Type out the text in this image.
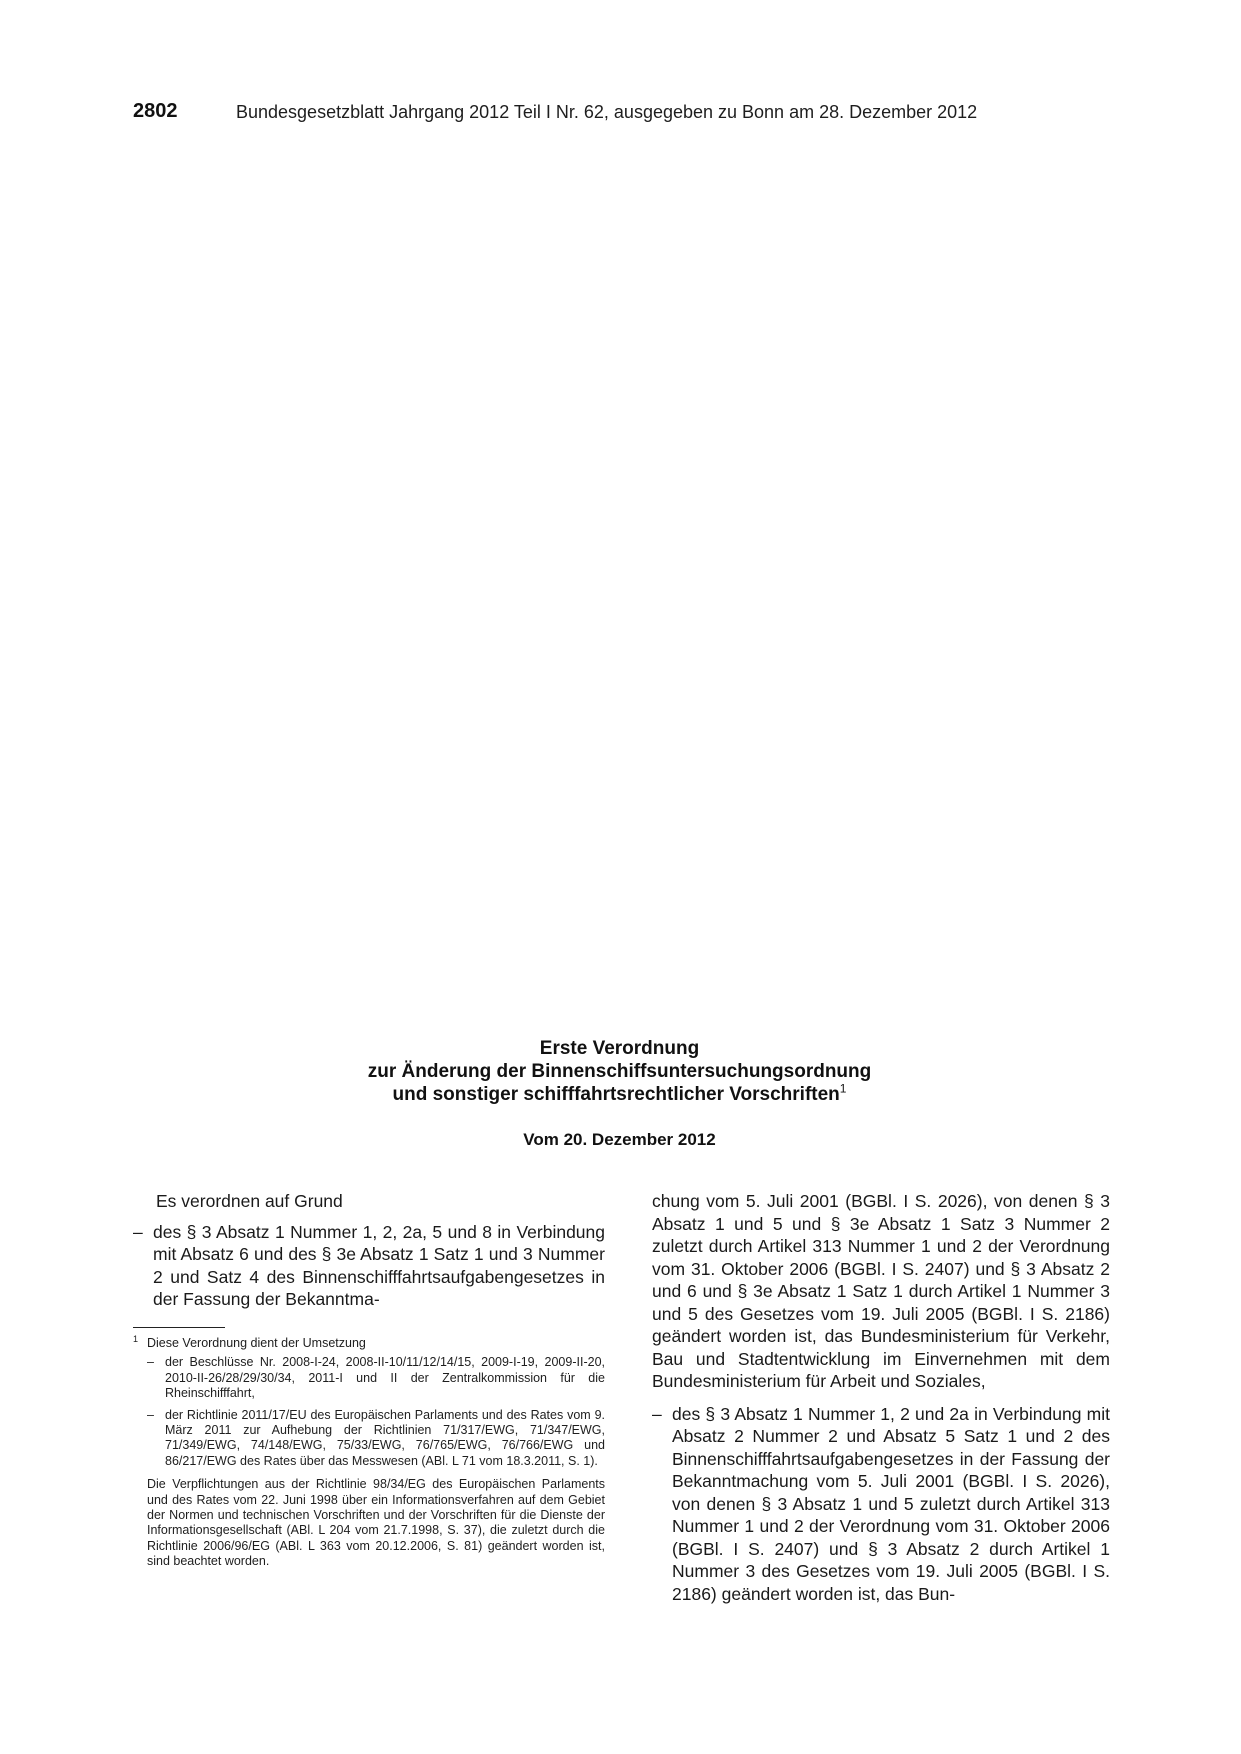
2802	Bundesgesetzblatt Jahrgang 2012 Teil I Nr. 62, ausgegeben zu Bonn am 28. Dezember 2012

Erste Verordnung

zur Änderung der Binnenschiffsuntersuchungsordnung

und sonstiger schifffahrtsrechtlicher Vorschriften$^1$

Vom 20. Dezember 2012

Es verordnen auf Grund

– des § 3 Absatz 1 Nummer 1, 2, 2a, 5 und 8 in Verbindung mit Absatz 6 und des § 3e Absatz 1 Satz 1 und 3 Nummer 2 und Satz 4 des Binnenschifffahrtsaufgabengesetzes in der Fassung der Bekanntma-

1 Diese Verordnung dient der Umsetzung

– der Beschlüsse Nr. 2008-I-24, 2008-II-10/11/12/14/15, 2009-I-19, 2009-II-20, 2010-II-26/28/29/30/34, 2011-I und II der Zentralkommission für die Rheinschifffahrt,

– der Richtlinie 2011/17/EU des Europäischen Parlaments und des Rates vom 9. März 2011 zur Aufhebung der Richtlinien 71/317/EWG, 71/347/EWG, 71/349/EWG, 74/148/EWG, 75/33/EWG, 76/765/EWG, 76/766/EWG und 86/217/EWG des Rates über das Messwesen (ABl. L 71 vom 18.3.2011, S. 1).

Die Verpflichtungen aus der Richtlinie 98/34/EG des Europäischen Parlaments und des Rates vom 22. Juni 1998 über ein Informationsverfahren auf dem Gebiet der Normen und technischen Vorschriften und der Vorschriften für die Dienste der Informationsgesellschaft (ABl. L 204 vom 21.7.1998, S. 37), die zuletzt durch die Richtlinie 2006/96/EG (ABl. L 363 vom 20.12.2006, S. 81) geändert worden ist, sind beachtet worden.

chung vom 5. Juli 2001 (BGBl. I S. 2026), von denen § 3 Absatz 1 und 5 und § 3e Absatz 1 Satz 3 Nummer 2 zuletzt durch Artikel 313 Nummer 1 und 2 der Verordnung vom 31. Oktober 2006 (BGBl. I S. 2407) und § 3 Absatz 2 und 6 und § 3e Absatz 1 Satz 1 durch Artikel 1 Nummer 3 und 5 des Gesetzes vom 19. Juli 2005 (BGBl. I S. 2186) geändert worden ist, das Bundesministerium für Verkehr, Bau und Stadtentwicklung im Einvernehmen mit dem Bundesministerium für Arbeit und Soziales,

– des § 3 Absatz 1 Nummer 1, 2 und 2a in Verbindung mit Absatz 2 Nummer 2 und Absatz 5 Satz 1 und 2 des Binnenschifffahrtsaufgabengesetzes in der Fassung der Bekanntmachung vom 5. Juli 2001 (BGBl. I S. 2026), von denen § 3 Absatz 1 und 5 zuletzt durch Artikel 313 Nummer 1 und 2 der Verordnung vom 31. Oktober 2006 (BGBl. I S. 2407) und § 3 Absatz 2 durch Artikel 1 Nummer 3 des Gesetzes vom 19. Juli 2005 (BGBl. I S. 2186) geändert worden ist, das Bun-
